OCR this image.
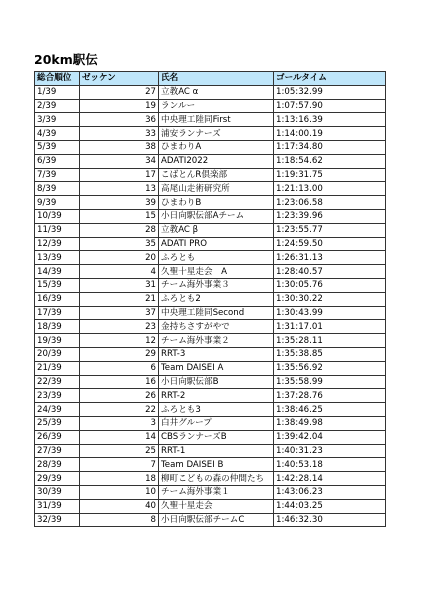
20km駅伝
総合順位	ゼッケン	氏名	ゴールタイム
1/39	27	立教AC α	1:05:32.99
2/39	19	ランルー	1:07:57.90
3/39	36	中央理工陸同First	1:13:16.39
4/39	33	浦安ランナーズ	1:14:00.19
5/39	38	ひまわりA	1:17:34.80
6/39	34	ADATI2022	1:18:54.62
7/39	17	こばとんR倶楽部	1:19:31.75
8/39	13	高尾山走術研究所	1:21:13.00
9/39	39	ひまわりB	1:23:06.58
10/39	15	小日向駅伝部Aチーム	1:23:39.96
11/39	28	立教AC β	1:23:55.77
12/39	35	ADATI PRO	1:24:59.50
13/39	20	ふろとも	1:26:31.13
14/39	4	久聖十星走会　A	1:28:40.57
15/39	31	チーム海外事業３	1:30:05.76
16/39	21	ふろとも2	1:30:30.22
17/39	37	中央理工陸同Second	1:30:43.99
18/39	23	金持ちさすがやで	1:31:17.01
19/39	12	チーム海外事業２	1:35:28.11
20/39	29	RRT-3	1:35:38.85
21/39	6	Team DAISEI A	1:35:56.92
22/39	16	小日向駅伝部B	1:35:58.99
23/39	26	RRT-2	1:37:28.76
24/39	22	ふろとも3	1:38:46.25
25/39	3	白井グループ	1:38:49.98
26/39	14	CBSランナーズB	1:39:42.04
27/39	25	RRT-1	1:40:31.23
28/39	7	Team DAISEI B	1:40:53.18
29/39	18	柳町こどもの森の仲間たち	1:42:28.14
30/39	10	チーム海外事業１	1:43:06.23
31/39	40	久聖十星走会	1:44:03.25
32/39	8	小日向駅伝部チームC	1:46:32.30
